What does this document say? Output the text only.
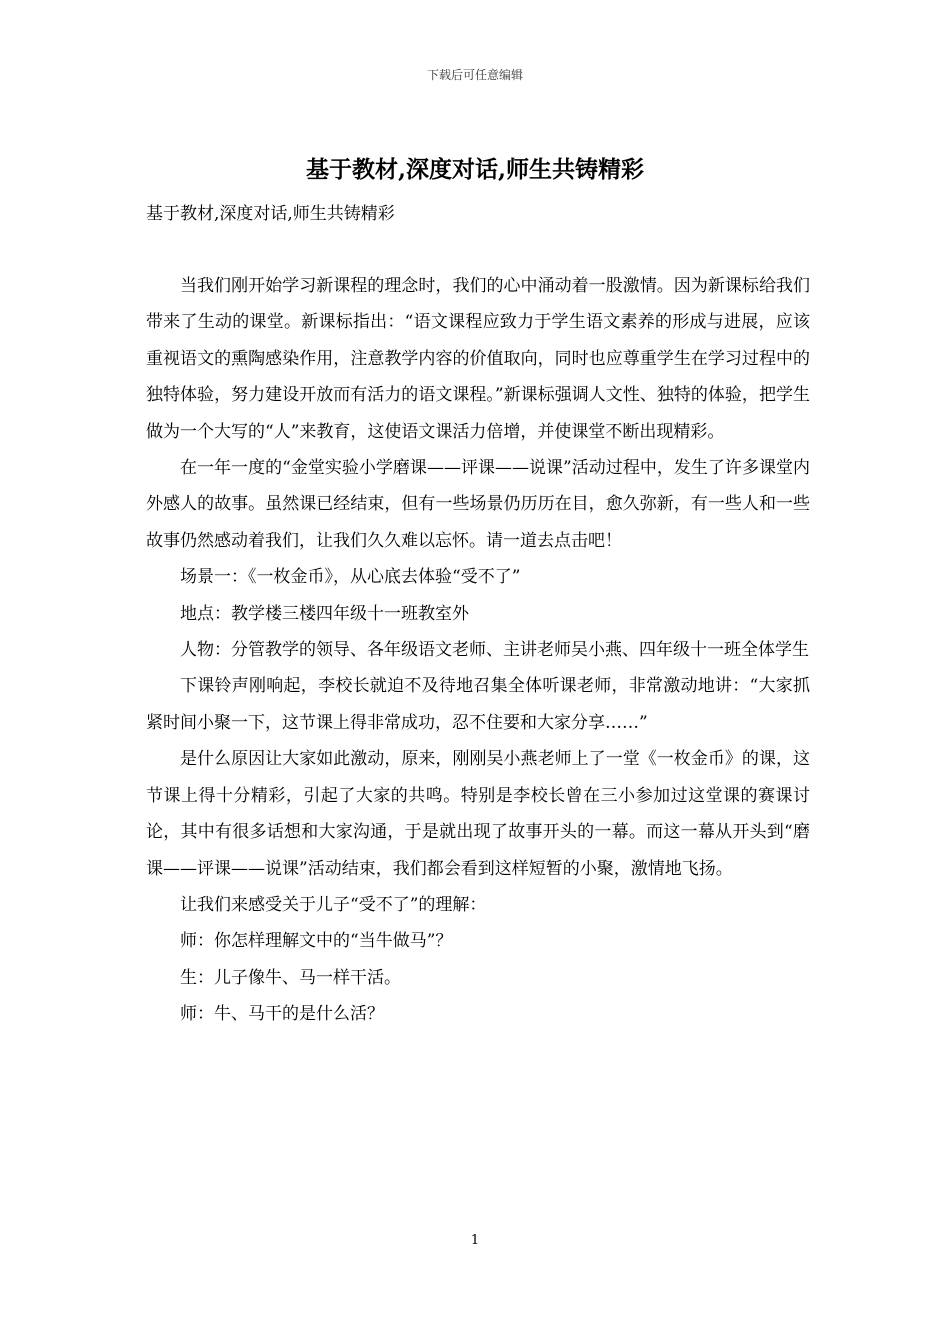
下载后可任意编辑
基于教材,深度对话,师生共铸精彩
基于教材,深度对话,师生共铸精彩

当我们刚开始学习新课程的理念时，我们的心中涌动着一股激情。因为新课标给我们带来了生动的课堂。新课标指出：“语文课程应致力于学生语文素养的形成与进展，应该重视语文的熏陶感染作用，注意教学内容的价值取向，同时也应尊重学生在学习过程中的独特体验，努力建设开放而有活力的语文课程。”新课标强调人文性、独特的体验，把学生做为一个大写的“人”来教育，这使语文课活力倍增，并使课堂不断出现精彩。

在一年一度的“金堂实验小学磨课——评课——说课”活动过程中，发生了许多课堂内外感人的故事。虽然课已经结束，但有一些场景仍历历在目，愈久弥新，有一些人和一些故事仍然感动着我们，让我们久久难以忘怀。请一道去点击吧！

场景一：《一枚金币》，从心底去体验“受不了”

地点：教学楼三楼四年级十一班教室外

人物：分管教学的领导、各年级语文老师、主讲老师吴小燕、四年级十一班全体学生

下课铃声刚响起，李校长就迫不及待地召集全体听课老师，非常激动地讲：“大家抓紧时间小聚一下，这节课上得非常成功，忍不住要和大家分享……”

是什么原因让大家如此激动，原来，刚刚吴小燕老师上了一堂《一枚金币》的课，这节课上得十分精彩，引起了大家的共鸣。特别是李校长曾在三小参加过这堂课的赛课讨论，其中有很多话想和大家沟通，于是就出现了故事开头的一幕。而这一幕从开头到“磨课——评课——说课”活动结束，我们都会看到这样短暂的小聚，激情地飞扬。

让我们来感受关于儿子“受不了”的理解：

师：你怎样理解文中的“当牛做马”？

生：儿子像牛、马一样干活。

师：牛、马干的是什么活？

1
